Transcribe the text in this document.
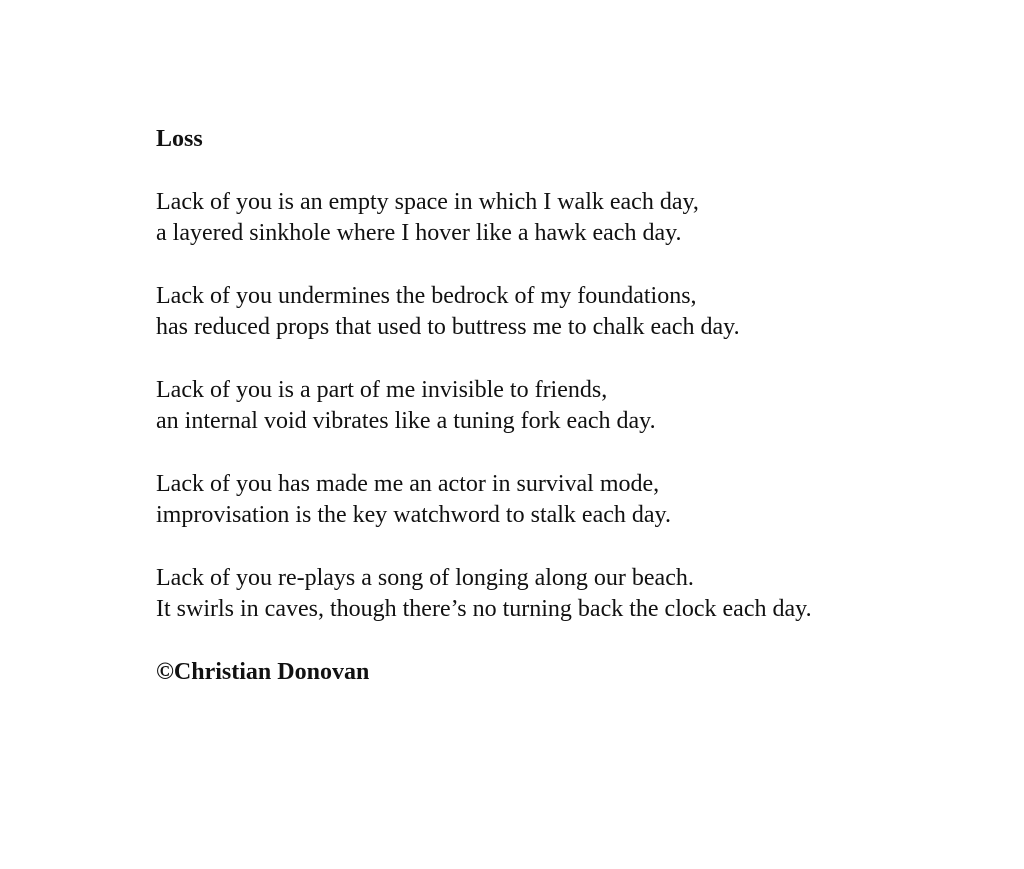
Loss
Lack of you is an empty space in which I walk each day,
a layered sinkhole where I hover like a hawk each day.
Lack of you undermines the bedrock of my foundations,
has reduced props that used to buttress me to chalk each day.
Lack of you is a part of me invisible to friends,
an internal void vibrates like a tuning fork each day.
Lack of you has made me an actor in survival mode,
improvisation is the key watchword to stalk each day.
Lack of you re-plays a song of longing along our beach.
It swirls in caves, though there’s no turning back the clock each day.
©Christian Donovan
